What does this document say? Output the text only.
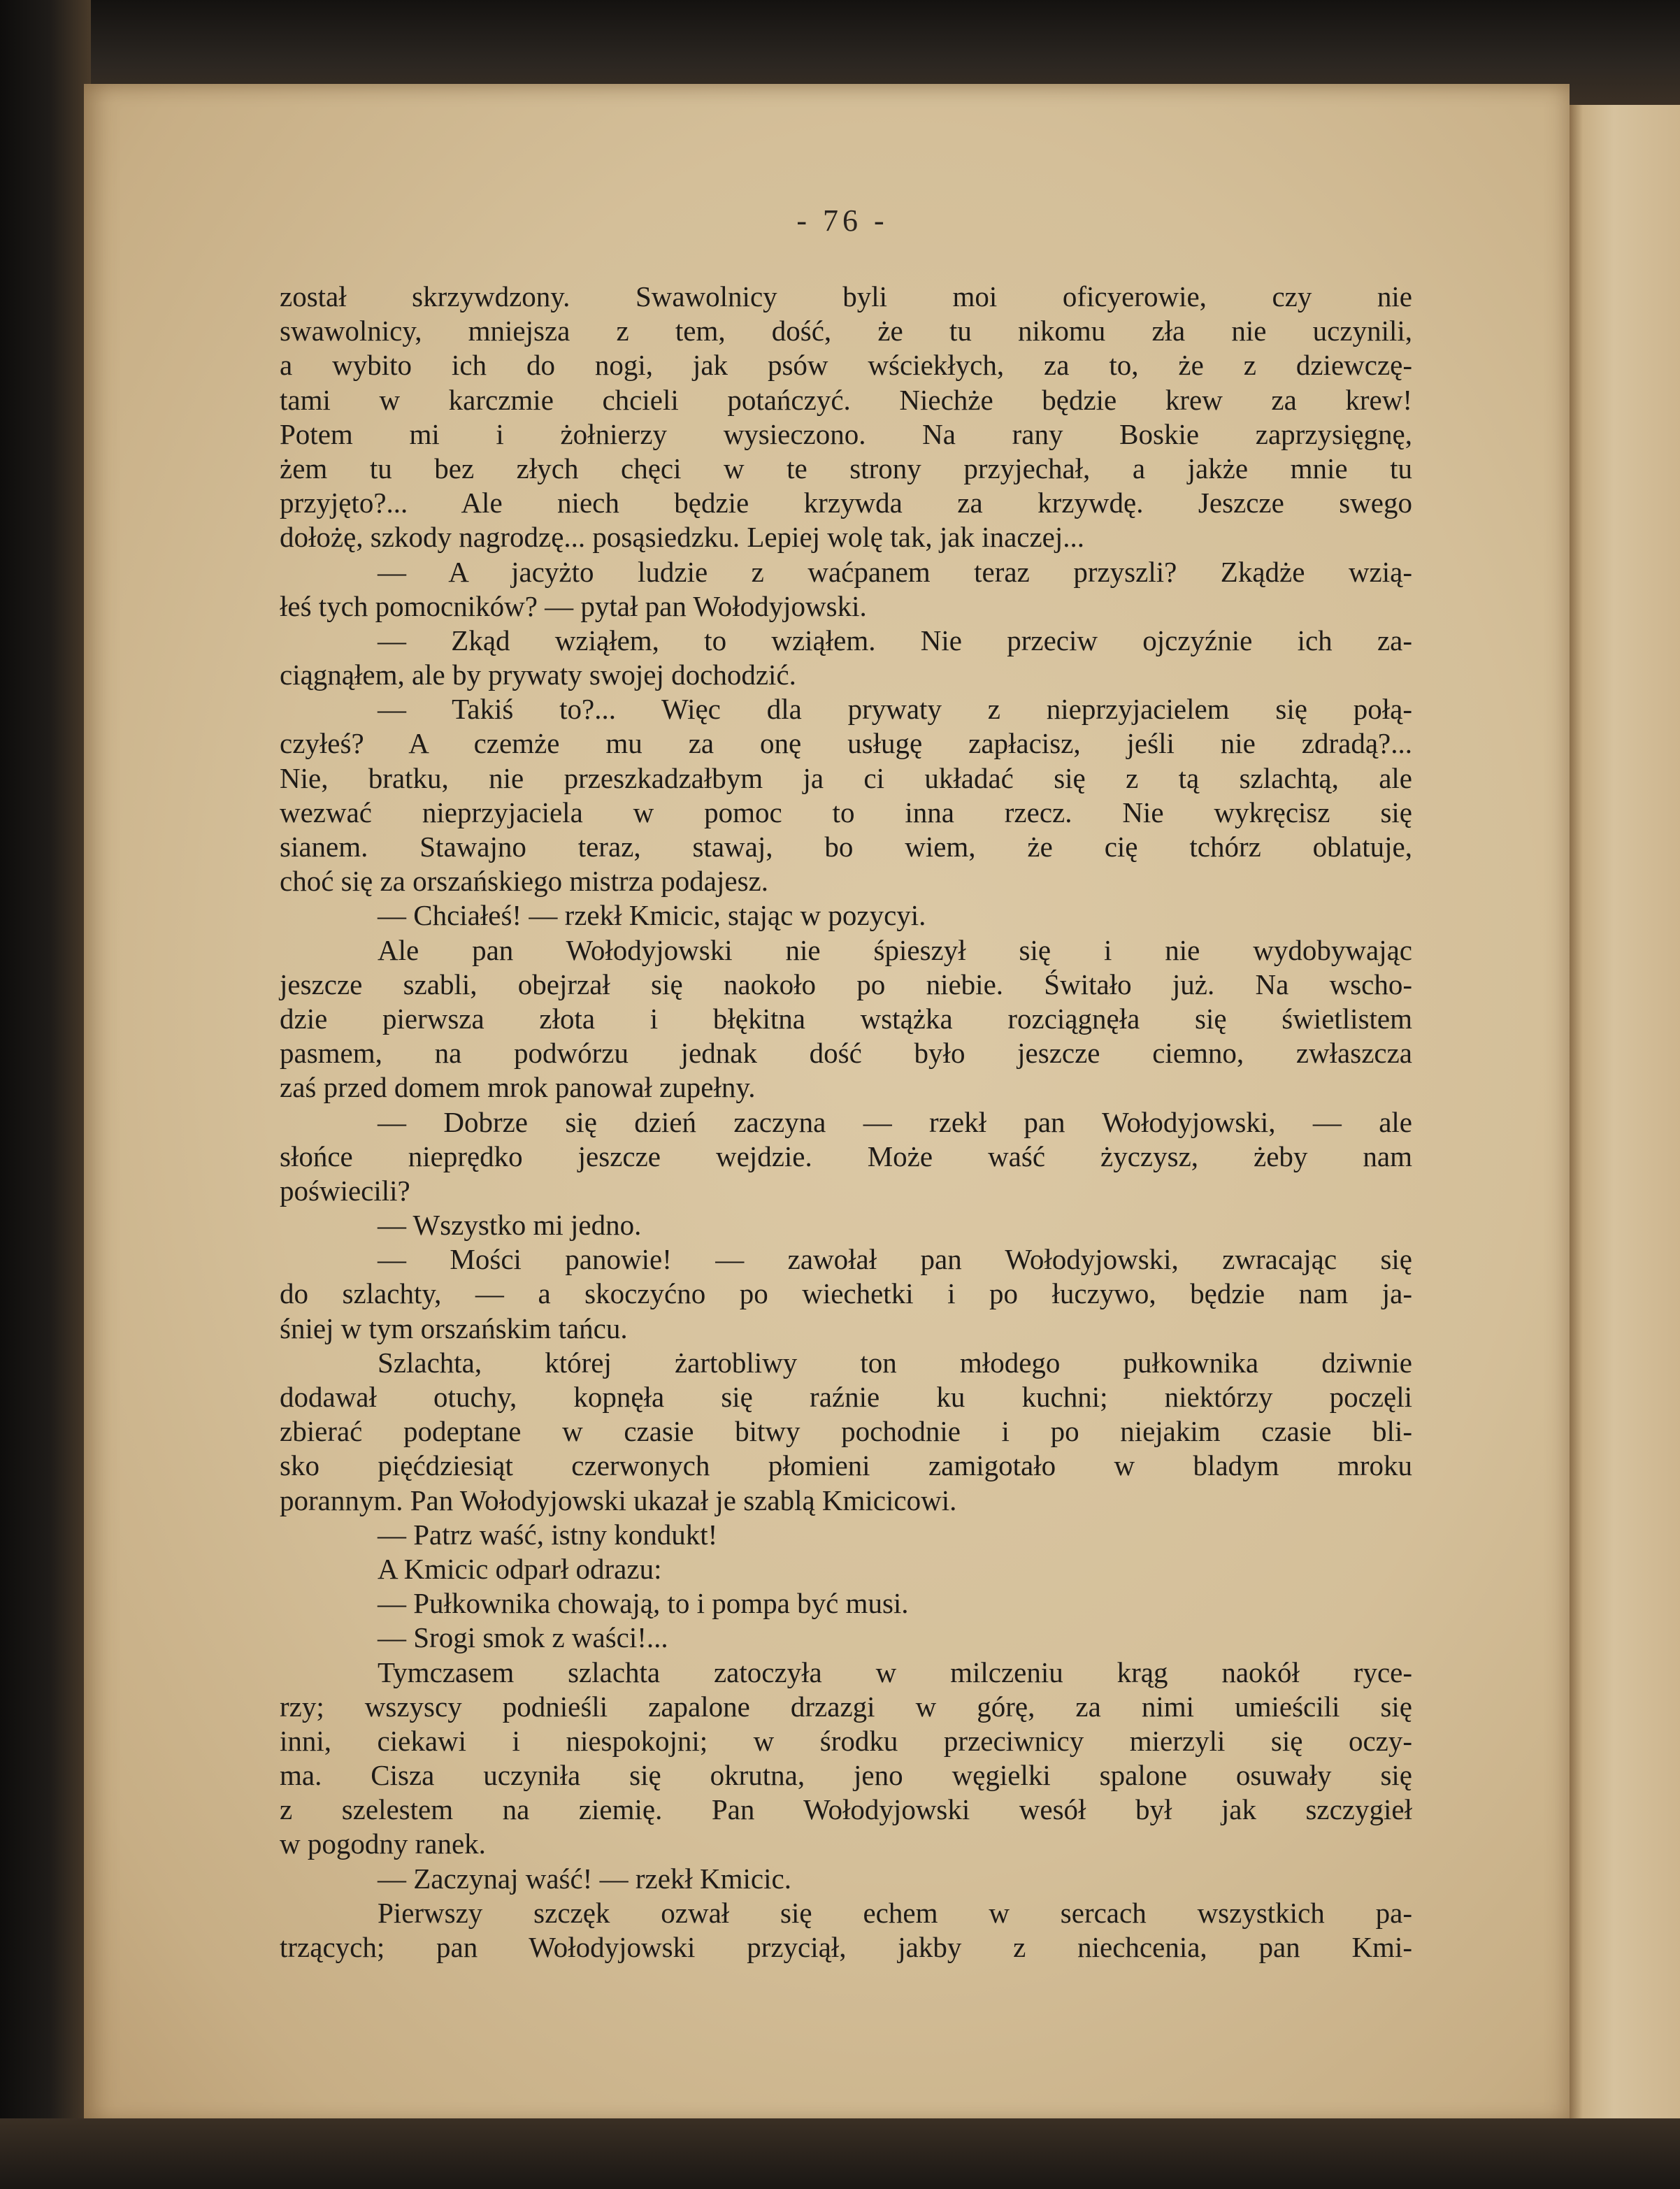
- 76 -
został skrzywdzony. Swawolnicy byli moi oficyerowie, czy nie
swawolnicy, mniejsza z tem, dość, że tu nikomu zła nie uczynili,
a wybito ich do nogi, jak psów wściekłych, za to, że z dziewczę-
tami w karczmie chcieli potańczyć. Niechże będzie krew za krew!
Potem mi i żołnierzy wysieczono. Na rany Boskie zaprzysięgnę,
żem tu bez złych chęci w te strony przyjechał, a jakże mnie tu
przyjęto?... Ale niech będzie krzywda za krzywdę. Jeszcze swego
dołożę, szkody nagrodzę... posąsiedzku. Lepiej wolę tak, jak inaczej...
— A jacyżto ludzie z waćpanem teraz przyszli? Zkądże wzią-
łeś tych pomocników? — pytał pan Wołodyjowski.
— Zkąd wziąłem, to wziąłem. Nie przeciw ojczyźnie ich za-
ciągnąłem, ale by prywaty swojej dochodzić.
— Takiś to?... Więc dla prywaty z nieprzyjacielem się połą-
czyłeś? A czemże mu za onę usługę zapłacisz, jeśli nie zdradą?...
Nie, bratku, nie przeszkadzałbym ja ci układać się z tą szlachtą, ale
wezwać nieprzyjaciela w pomoc to inna rzecz. Nie wykręcisz się
sianem. Stawajno teraz, stawaj, bo wiem, że cię tchórz oblatuje,
choć się za orszańskiego mistrza podajesz.
— Chciałeś! — rzekł Kmicic, stając w pozycyi.
Ale pan Wołodyjowski nie śpieszył się i nie wydobywając
jeszcze szabli, obejrzał się naokoło po niebie. Świtało już. Na wscho-
dzie pierwsza złota i błękitna wstążka rozciągnęła się świetlistem
pasmem, na podwórzu jednak dość było jeszcze ciemno, zwłaszcza
zaś przed domem mrok panował zupełny.
— Dobrze się dzień zaczyna — rzekł pan Wołodyjowski, — ale
słońce nieprędko jeszcze wejdzie. Może waść życzysz, żeby nam
poświecili?
— Wszystko mi jedno.
— Mości panowie! — zawołał pan Wołodyjowski, zwracając się
do szlachty, — a skoczyćno po wiechetki i po łuczywo, będzie nam ja-
śniej w tym orszańskim tańcu.
Szlachta, której żartobliwy ton młodego pułkownika dziwnie
dodawał otuchy, kopnęła się raźnie ku kuchni; niektórzy poczęli
zbierać podeptane w czasie bitwy pochodnie i po niejakim czasie bli-
sko pięćdziesiąt czerwonych płomieni zamigotało w bladym mroku
porannym. Pan Wołodyjowski ukazał je szablą Kmicicowi.
— Patrz waść, istny kondukt!
A Kmicic odparł odrazu:
— Pułkownika chowają, to i pompa być musi.
— Srogi smok z waści!...
Tymczasem szlachta zatoczyła w milczeniu krąg naokół ryce-
rzy; wszyscy podnieśli zapalone drzazgi w górę, za nimi umieścili się
inni, ciekawi i niespokojni; w środku przeciwnicy mierzyli się oczy-
ma. Cisza uczyniła się okrutna, jeno węgielki spalone osuwały się
z szelestem na ziemię. Pan Wołodyjowski wesół był jak szczygieł
w pogodny ranek.
— Zaczynaj waść! — rzekł Kmicic.
Pierwszy szczęk ozwał się echem w sercach wszystkich pa-
trzących; pan Wołodyjowski przyciął, jakby z niechcenia, pan Kmi-
